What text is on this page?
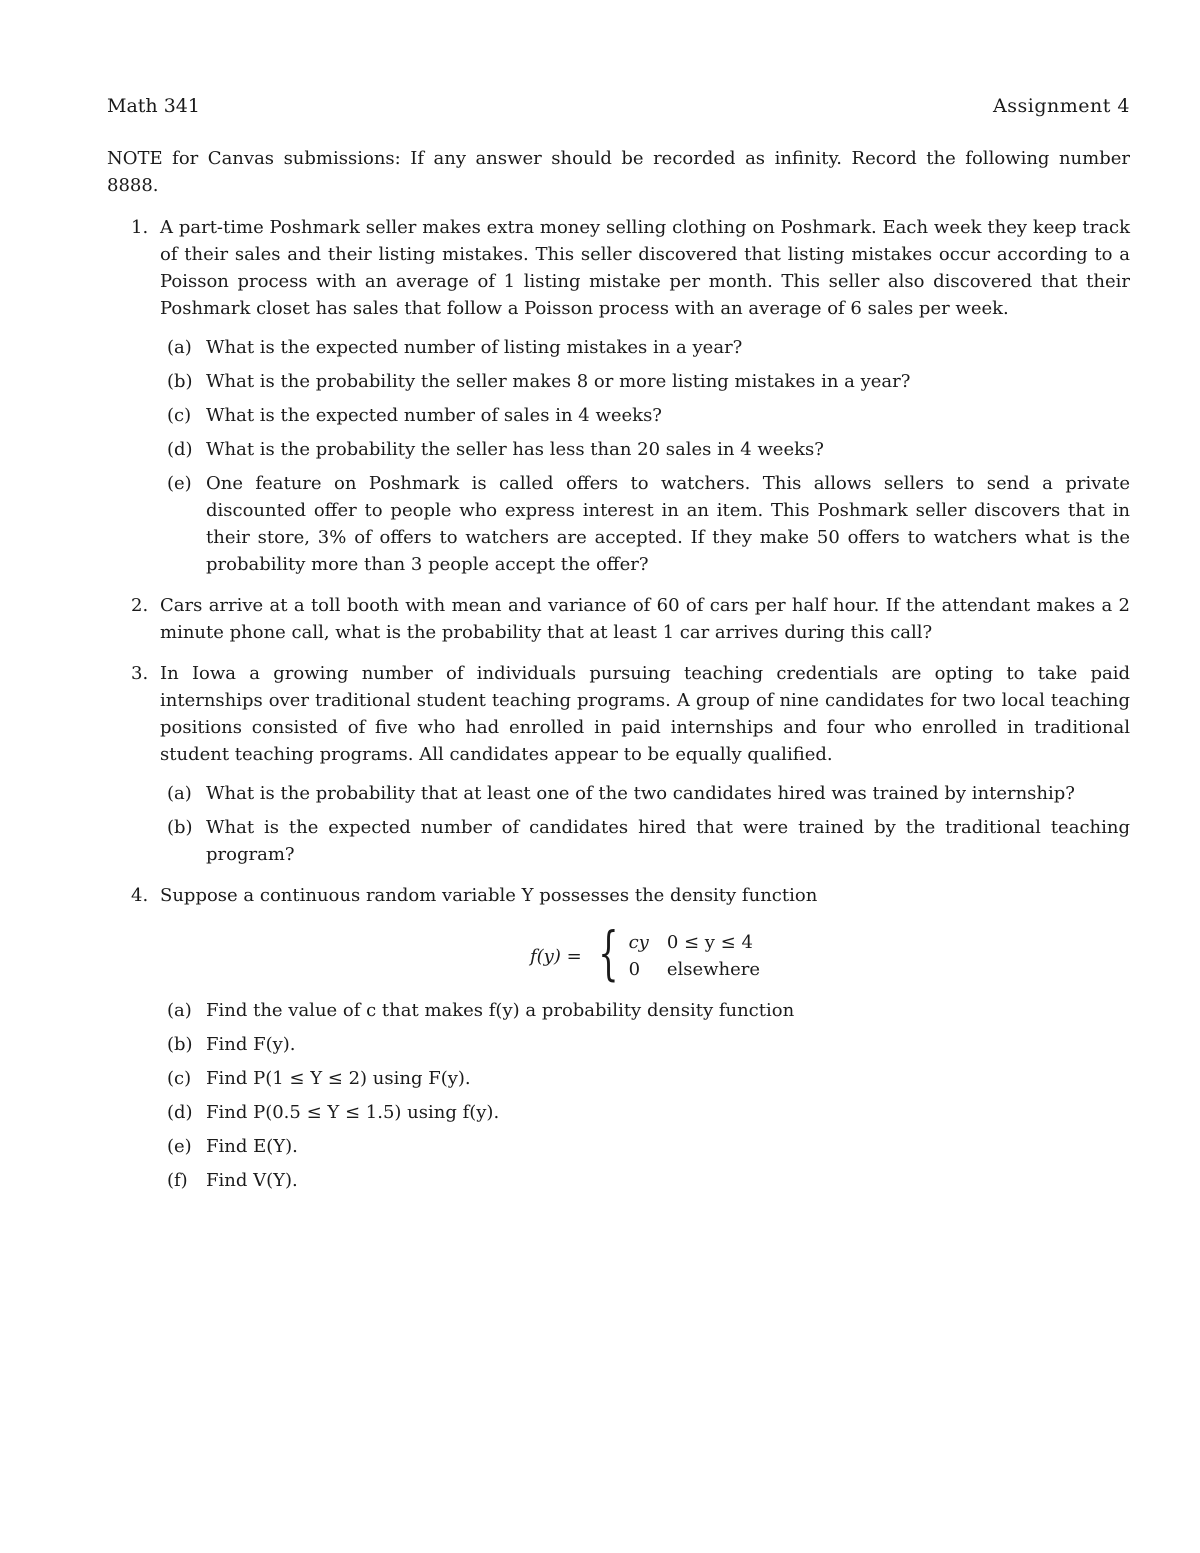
Math 341	Assignment 4
NOTE for Canvas submissions: If any answer should be recorded as infinity. Record the following number 8888.
1. A part-time Poshmark seller makes extra money selling clothing on Poshmark. Each week they keep track of their sales and their listing mistakes. This seller discovered that listing mistakes occur according to a Poisson process with an average of 1 listing mistake per month. This seller also discovered that their Poshmark closet has sales that follow a Poisson process with an average of 6 sales per week.
(a) What is the expected number of listing mistakes in a year?
(b) What is the probability the seller makes 8 or more listing mistakes in a year?
(c) What is the expected number of sales in 4 weeks?
(d) What is the probability the seller has less than 20 sales in 4 weeks?
(e) One feature on Poshmark is called offers to watchers. This allows sellers to send a private discounted offer to people who express interest in an item. This Poshmark seller discovers that in their store, 3% of offers to watchers are accepted. If they make 50 offers to watchers what is the probability more than 3 people accept the offer?
2. Cars arrive at a toll booth with mean and variance of 60 of cars per half hour. If the attendant makes a 2 minute phone call, what is the probability that at least 1 car arrives during this call?
3. In Iowa a growing number of individuals pursuing teaching credentials are opting to take paid internships over traditional student teaching programs. A group of nine candidates for two local teaching positions consisted of five who had enrolled in paid internships and four who enrolled in traditional student teaching programs. All candidates appear to be equally qualified.
(a) What is the probability that at least one of the two candidates hired was trained by internship?
(b) What is the expected number of candidates hired that were trained by the traditional teaching program?
4. Suppose a continuous random variable Y possesses the density function
f(y) = { cy 0 ≤ y ≤ 4
0	elsewhere
(a) Find the value of c that makes f(y) a probability density function
(b) Find F(y).
(c) Find P(1 ≤ Y ≤ 2) using F(y).
(d) Find P(0.5 ≤ Y ≤ 1.5) using f(y).
(e) Find E(Y).
(f) Find V(Y).
